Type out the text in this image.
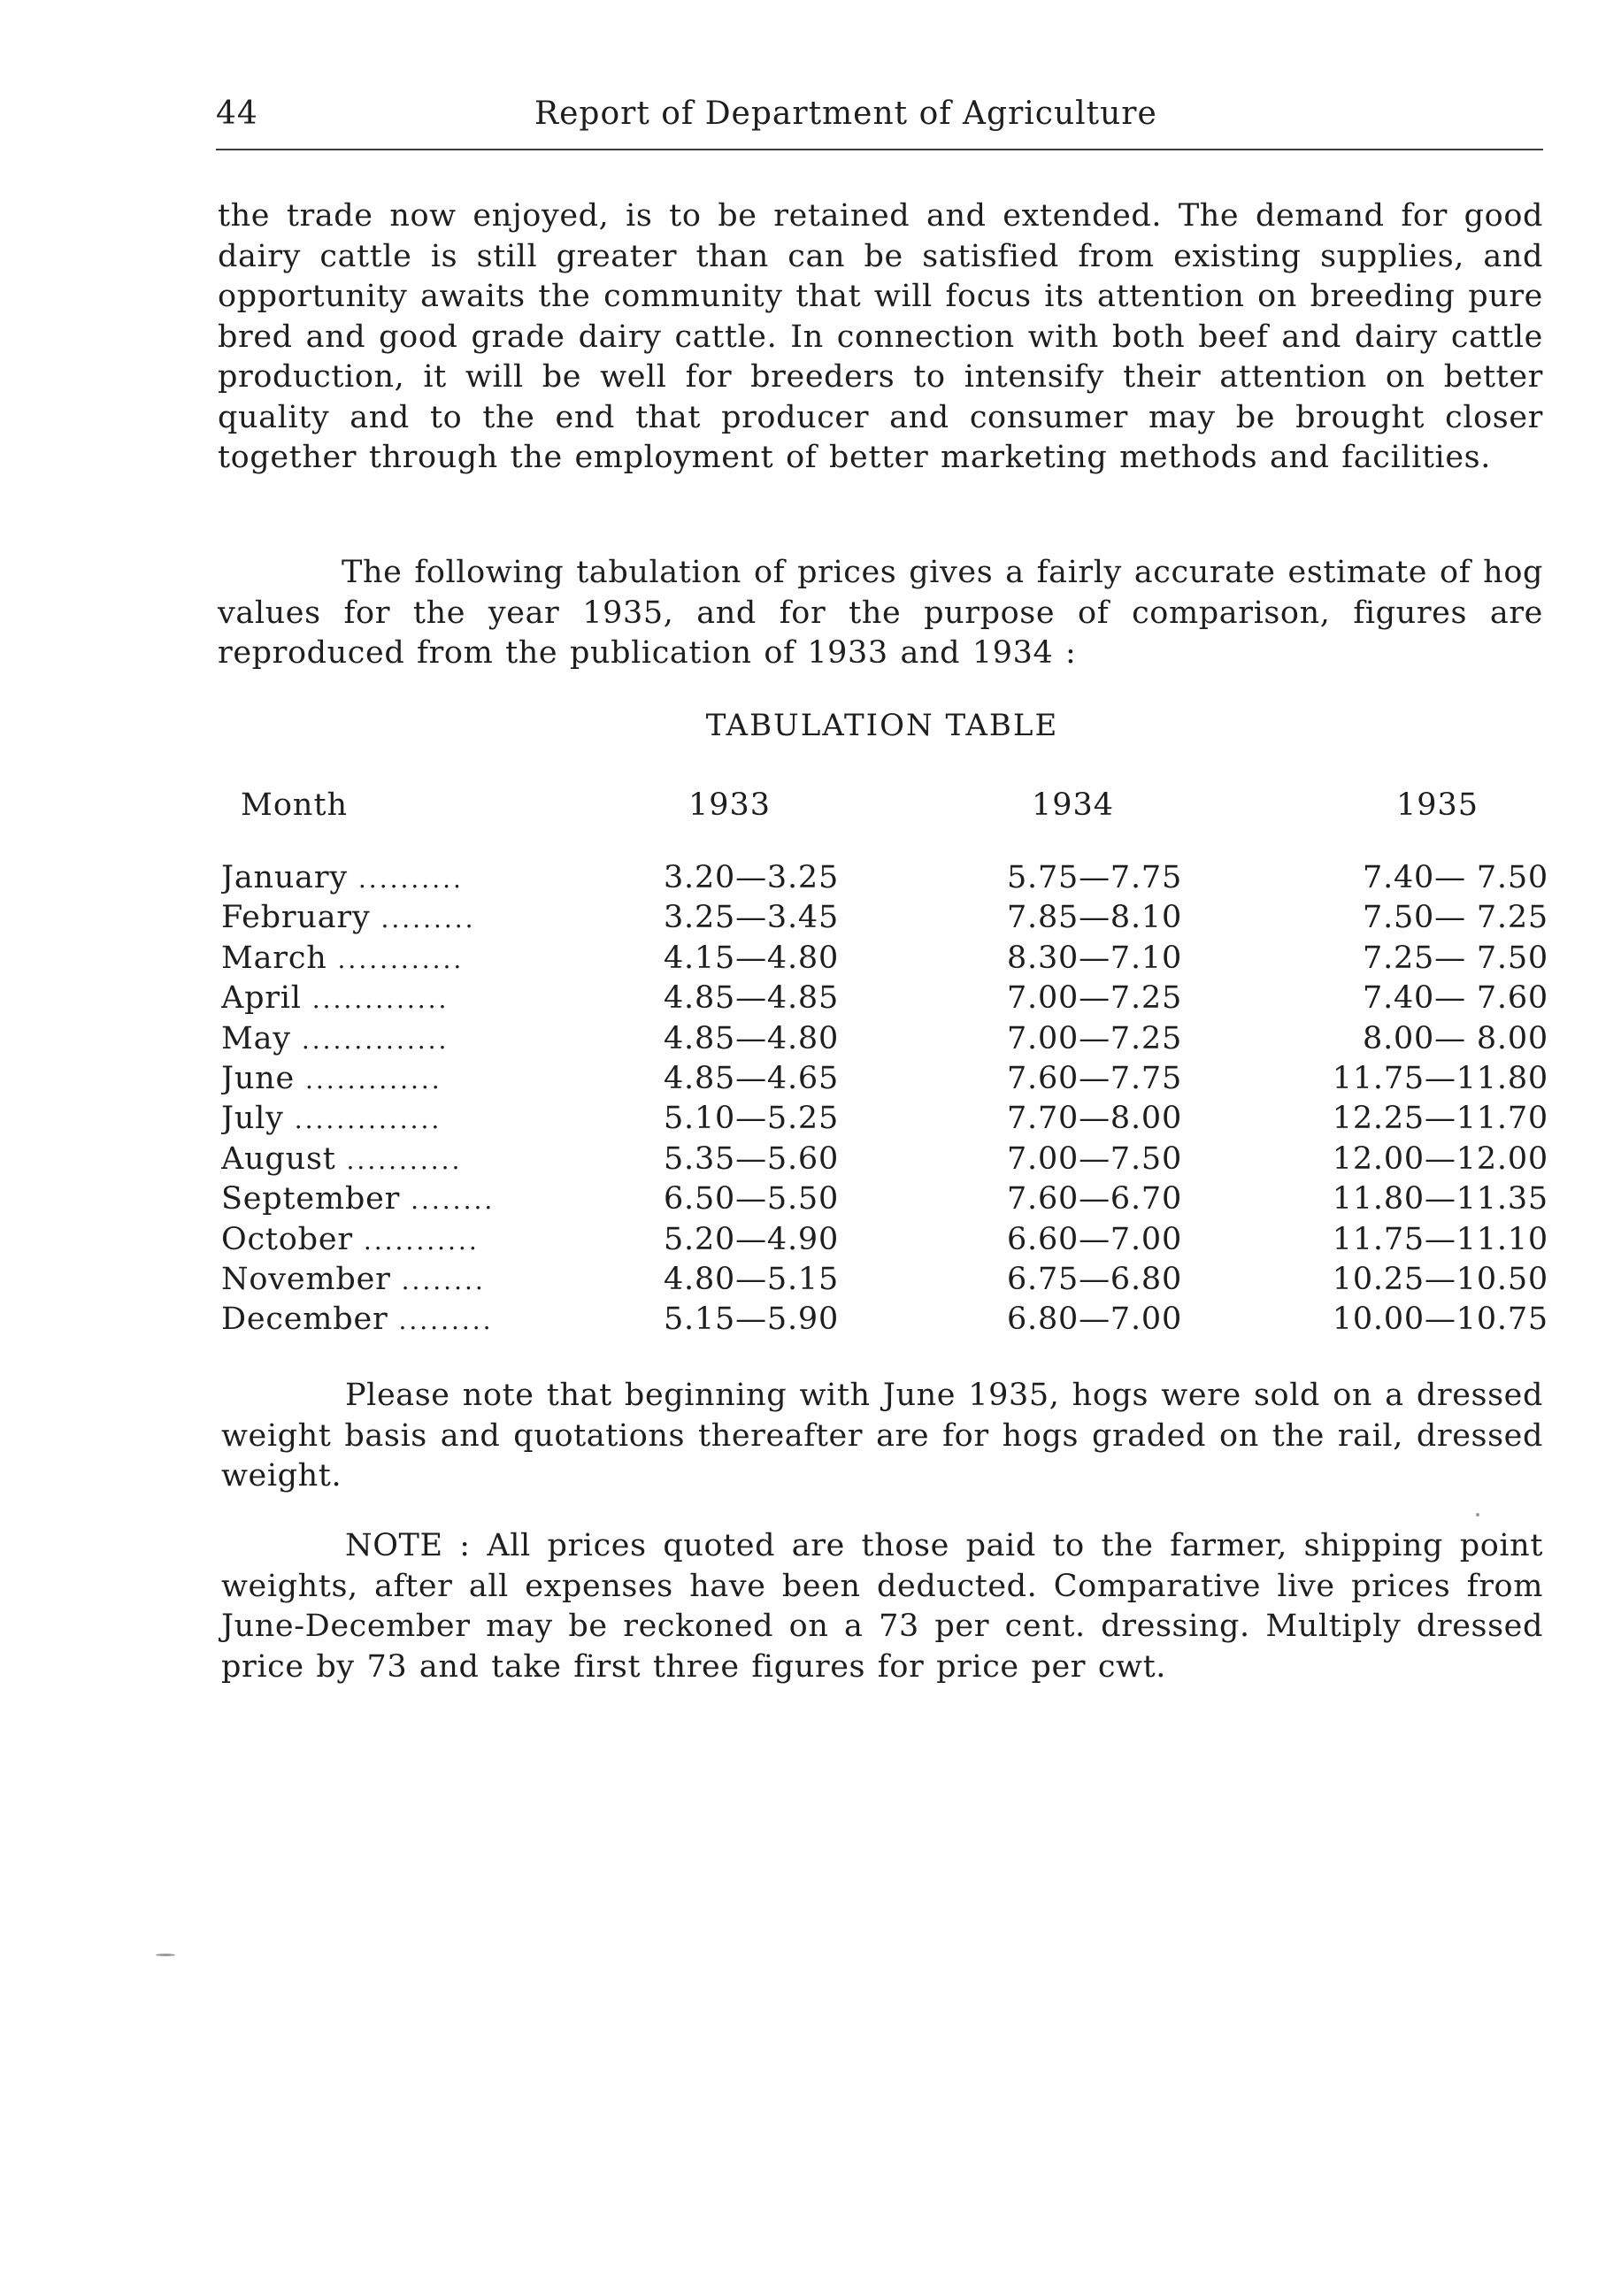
44	Report of Department of Agriculture

the trade now enjoyed, is to be retained and extended. The demand for good dairy cattle is still greater than can be satisfied from existing supplies, and opportunity awaits the community that will focus its attention on breeding pure bred and good grade dairy cattle. In connection with both beef and dairy cattle production, it will be well for breeders to intensify their attention on better quality and to the end that producer and consumer may be brought closer together through the employment of better marketing methods and facilities.

The following tabulation of prices gives a fairly accurate estimate of hog values for the year 1935, and for the purpose of comparison, figures are reproduced from the publication of 1933 and 1934 :

TABULATION TABLE
Month	1933	1934	1935
January ..........	3.20—3.25	5.75—7.75	7.40— 7.50
February .........	3.25—3.45	7.85—8.10	7.50— 7.25
March ............	4.15—4.80	8.30—7.10	7.25— 7.50
April .............	4.85—4.85	7.00—7.25	7.40— 7.60
May ..............	4.85—4.80	7.00—7.25	8.00— 8.00
June .............	4.85—4.65	7.60—7.75	11.75—11.80
July ..............	5.10—5.25	7.70—8.00	12.25—11.70
August ...........	5.35—5.60	7.00—7.50	12.00—12.00
September ........	6.50—5.50	7.60—6.70	11.80—11.35
October ...........	5.20—4.90	6.60—7.00	11.75—11.10
November ........	4.80—5.15	6.75—6.80	10.25—10.50
December .........	5.15—5.90	6.80—7.00	10.00—10.75

Please note that beginning with June 1935, hogs were sold on a dressed weight basis and quotations thereafter are for hogs graded on the rail, dressed weight.

NOTE : All prices quoted are those paid to the farmer, shipping point weights, after all expenses have been deducted. Comparative live prices from June-December may be reckoned on a 73 per cent. dressing. Multiply dressed price by 73 and take first three figures for price per cwt.
